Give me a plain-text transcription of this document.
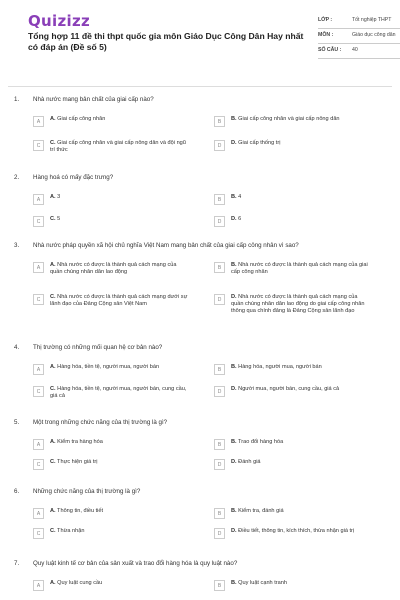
Quizizz
Tổng hợp 11 đề thi thpt quốc gia môn Giáo Dục Công Dân Hay nhất có đáp án (Đề số 5)
LỚP :	Tốt nghiệp THPT
MÔN :	Giáo dục công dân
SỐ CÂU :	40
1. Nhà nước mang bản chất của giai cấp nào?
A	A. Giai cấp công nhân	B	B. Giai cấp công nhân và giai cấp nông dân
C	C. Giai cấp công nhân và giai cấp nông dân và đội ngũ trí thức
D	D. Giai cấp thống trị
2. Hàng hoá có mấy đặc trưng?
A	A. 3	B	B. 4
C	C. 5	D	D. 6
3. Nhà nước pháp quyền xã hội chủ nghĩa Việt Nam mang bản chất của giai cấp công nhân vì sao?
A	A. Nhà nước có được là thành quả cách mạng của quần chúng nhân dân lao động
B	B. Nhà nước có được là thành quả cách mạng của giai cấp công nhân
C	C. Nhà nước có được là thành quả cách mạng dưới sự lãnh đạo của Đảng Cộng sản Việt Nam
D	D. Nhà nước có được là thành quả cách mạng của quần chúng nhân dân lao động do giai cấp công nhân thông qua chính đảng là Đảng Cộng sản lãnh đạo
4. Thị trường có những mối quan hệ cơ bản nào?
A	A. Hàng hóa, tiền tệ, người mua, người bán	B	B. Hàng hóa, người mua, người bán
C	C. Hàng hóa, tiền tệ, người mua, người bán, cung cầu, giá cả
D	D. Người mua, người bán, cung cầu, giá cả
5. Một trong những chức năng của thị trường là gì?
A	A. Kiểm tra hàng hóa	B	B. Trao đổi hàng hóa
C	C. Thực hiện giá trị	D	D. Đánh giá
6. Những chức năng của thị trường là gì?
A	A. Thông tin, điều tiết	B	B. Kiểm tra, đánh giá
C	C. Thừa nhận	D	D. Điều tiết, thông tin, kích thích, thừa nhận giá trị
7. Quy luật kinh tế cơ bản của sản xuất và trao đổi hàng hóa là quy luật nào?
A	A. Quy luật cung cầu	B	B. Quy luật cạnh tranh
